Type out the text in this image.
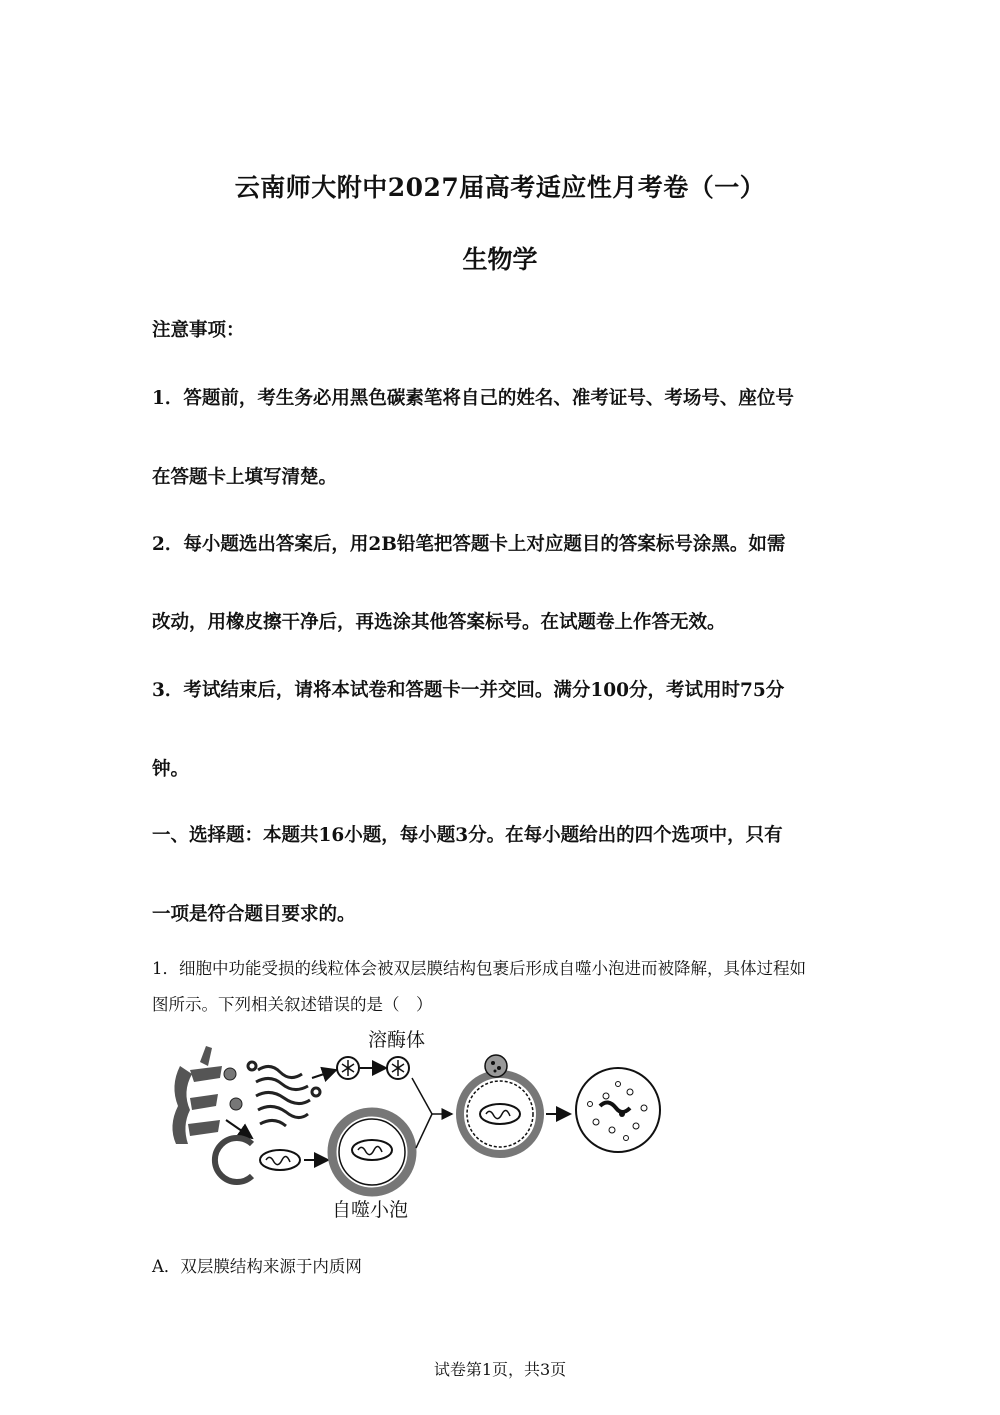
云南师大附中2027届高考适应性月考卷（一）
生物学
注意事项：
1．答题前，考生务必用黑色碳素笔将自己的姓名、准考证号、考场号、座位号
在答题卡上填写清楚。
2．每小题选出答案后，用2B铅笔把答题卡上对应题目的答案标号涂黑。如需
改动，用橡皮擦干净后，再选涂其他答案标号。在试题卷上作答无效。
3．考试结束后，请将本试卷和答题卡一并交回。满分100分，考试用时75分
钟。
一、选择题：本题共16小题，每小题3分。在每小题给出的四个选项中，只有
一项是符合题目要求的。
1．细胞中功能受损的线粒体会被双层膜结构包裹后形成自噬小泡进而被降解，具体过程如
图所示。下列相关叙述错误的是（　）
溶酶体
自噬小泡
A．双层膜结构来源于内质网
试卷第1页，共3页
